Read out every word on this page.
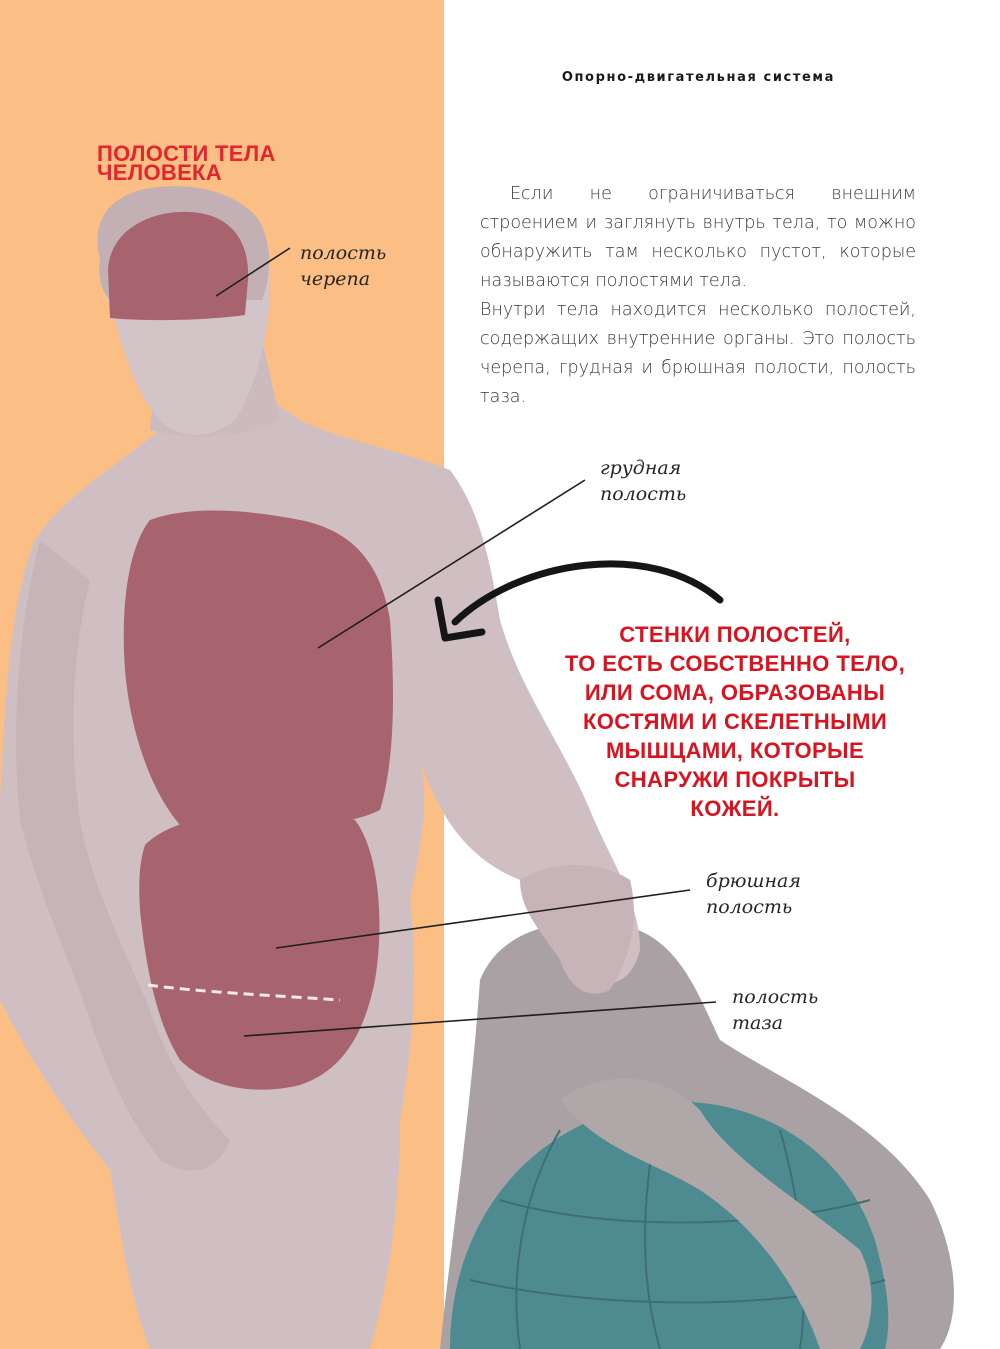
Опорно-двигательная система
ПОЛОСТИ ТЕЛА
ЧЕЛОВЕКА

Если не ограничиваться внешним строением и заглянуть внутрь тела, то можно обнаружить там несколько пустот, которые называются полостями тела.

Внутри тела находится несколько полостей, содержащих внутренние органы. Это полость черепа, грудная и брюшная полости, полость таза.

полость
черепа
грудная
полость
брюшная
полость
полость
таза
СТЕНКИ ПОЛОСТЕЙ,
ТО ЕСТЬ СОБСТВЕННО ТЕЛО,
ИЛИ СОМА, ОБРАЗОВАНЫ
КОСТЯМИ И СКЕЛЕТНЫМИ
МЫШЦАМИ, КОТОРЫЕ
СНАРУЖИ ПОКРЫТЫ
КОЖЕЙ.
